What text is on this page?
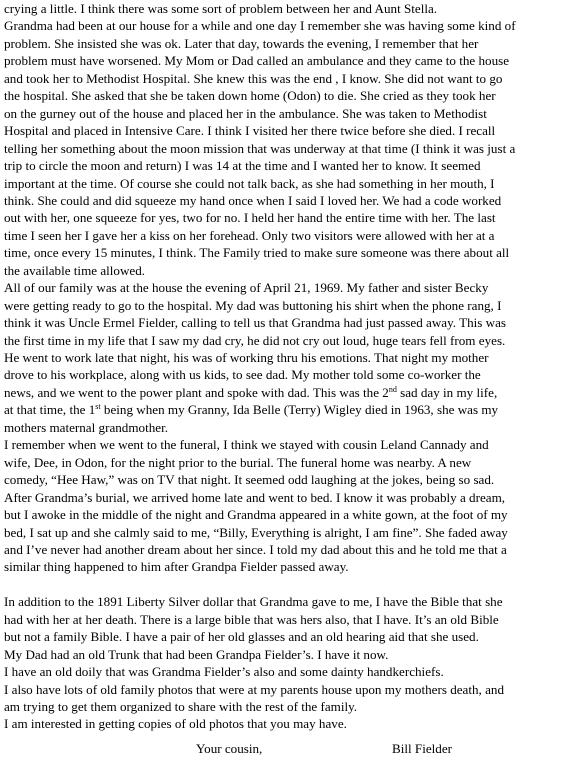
crying a little. I think there was some sort of problem between her and Aunt Stella.
Grandma had been at our house for a while and one day I remember she was having some kind of
problem. She insisted she was ok. Later that day, towards the evening, I remember that her
problem must have worsened. My Mom or Dad called an ambulance and they came to the house
and took her to Methodist Hospital. She knew this was the end , I know. She did not want to go
the hospital. She asked that she be taken down home (Odon) to die. She cried as they took her
on the gurney out of the house and placed her in the ambulance. She was taken to Methodist
Hospital and placed in Intensive Care. I think I visited her there twice before she died. I recall
telling her something about the moon mission that was underway at that time (I think it was just a
trip to circle the moon and return) I was 14 at the time and I wanted her to know. It seemed
important at the time. Of course she could not talk back, as she had something in her mouth, I
think. She could and did squeeze my hand once when I said I loved her. We had a code worked
out with her, one squeeze for yes, two for no. I held her hand the entire time with her. The last
time I seen her I gave her a kiss on her forehead. Only two visitors were allowed with her at a
time, once every 15 minutes, I think. The Family tried to make sure someone was there about all
the available time allowed.
All of our family was at the house the evening of April 21, 1969. My father and sister Becky
were getting ready to go to the hospital. My dad was buttoning his shirt when the phone rang, I
think it was Uncle Ermel Fielder, calling to tell us that Grandma had just passed away. This was
the first time in my life that I saw my dad cry, he did not cry out loud, huge tears fell from eyes.
He went to work late that night, his was of working thru his emotions. That night my mother
drove to his workplace, along with us kids, to see dad. My mother told some co-worker the
news, and we went to the power plant and spoke with dad. This was the 2nd sad day in my life,
at that time, the 1st being when my Granny, Ida Belle (Terry) Wigley died in 1963, she was my
mothers maternal grandmother.
I remember when we went to the funeral, I think we stayed with cousin Leland Cannady and
wife, Dee, in Odon, for the night prior to the burial. The funeral home was nearby. A new
comedy, “Hee Haw,” was on TV that night. It seemed odd laughing at the jokes, being so sad.
After Grandma’s burial, we arrived home late and went to bed. I know it was probably a dream,
but I awoke in the middle of the night and Grandma appeared in a white gown, at the foot of my
bed, I sat up and she calmly said to me, “Billy, Everything is alright, I am fine”. She faded away
and I’ve never had another dream about her since. I told my dad about this and he told me that a
similar thing happened to him after Grandpa Fielder passed away.
In addition to the 1891 Liberty Silver dollar that Grandma gave to me, I have the Bible that she
had with her at her death. There is a large bible that was hers also, that I have. It’s an old Bible
but not a family Bible. I have a pair of her old glasses and an old hearing aid that she used.
My Dad had an old Trunk that had been Grandpa Fielder’s. I have it now.
I have an old doily that was Grandma Fielder’s also and some dainty handkerchiefs.
I also have lots of old family photos that were at my parents house upon my mothers death, and
am trying to get them organized to share with the rest of the family.
I am interested in getting copies of old photos that you may have.
Your cousin,	Bill Fielder
